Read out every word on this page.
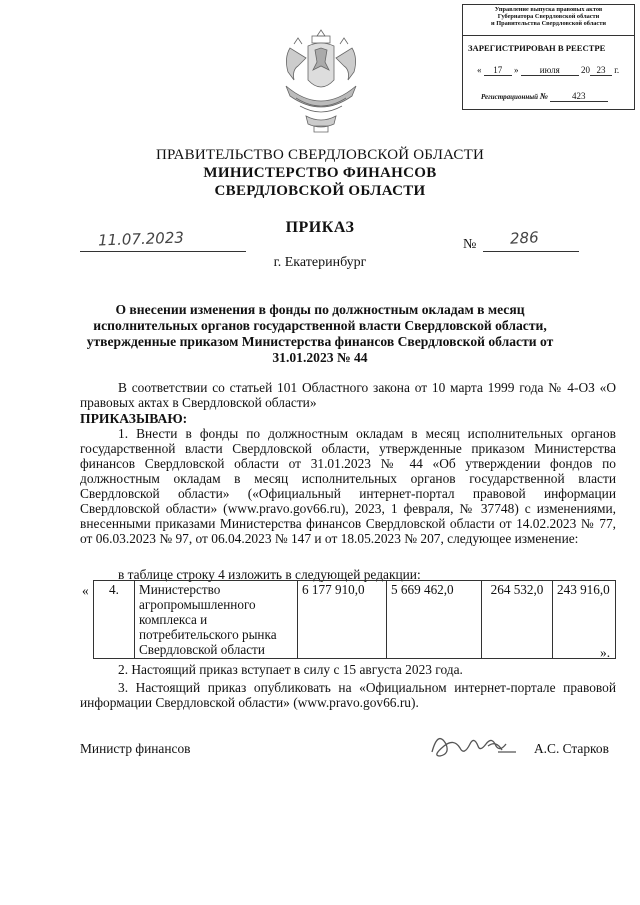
Управление выпуска правовых актов
Губернатора Свердловской области
и Правительства Свердловской области
ЗАРЕГИСТРИРОВАН В РЕЕСТРЕ
« 17 » июля 20 23 г.
Регистрационный №	423
ПРАВИТЕЛЬСТВО СВЕРДЛОВСКОЙ ОБЛАСТИ
МИНИСТЕРСТВО ФИНАНСОВ
СВЕРДЛОВСКОЙ ОБЛАСТИ
ПРИКАЗ
11.07.2023	№ 286
г. Екатеринбург
О внесении изменения в фонды по должностным окладам в месяц исполнительных органов государственной власти Свердловской области, утвержденные приказом Министерства финансов Свердловской области от 31.01.2023 № 44
В соответствии со статьей 101 Областного закона от 10 марта 1999 года № 4-ОЗ «О правовых актах в Свердловской области»
ПРИКАЗЫВАЮ:
1. Внести в фонды по должностным окладам в месяц исполнительных органов государственной власти Свердловской области, утвержденные приказом Министерства финансов Свердловской области от 31.01.2023 № 44 «Об утверждении фондов по должностным окладам в месяц исполнительных органов государственной власти Свердловской области» («Официальный интернет-портал правовой информации Свердловской области» (www.pravo.gov66.ru), 2023, 1 февраля, № 37748) с изменениями, внесенными приказами Министерства финансов Свердловской области от 14.02.2023 № 77, от 06.03.2023 № 97, от 06.04.2023 № 147 и от 18.05.2023 № 207, следующее изменение:
в таблице строку 4 изложить в следующей редакции:
« 4.	Министерство агропромышленного комплекса и потребительского рынка Свердловской области	6 177 910,0	5 669 462,0	264 532,0	243 916,0
».
2. Настоящий приказ вступает в силу с 15 августа 2023 года.
3. Настоящий приказ опубликовать на «Официальном интернет-портале правовой информации Свердловской области» (www.pravo.gov66.ru).
Министр финансов	А.С. Старков
